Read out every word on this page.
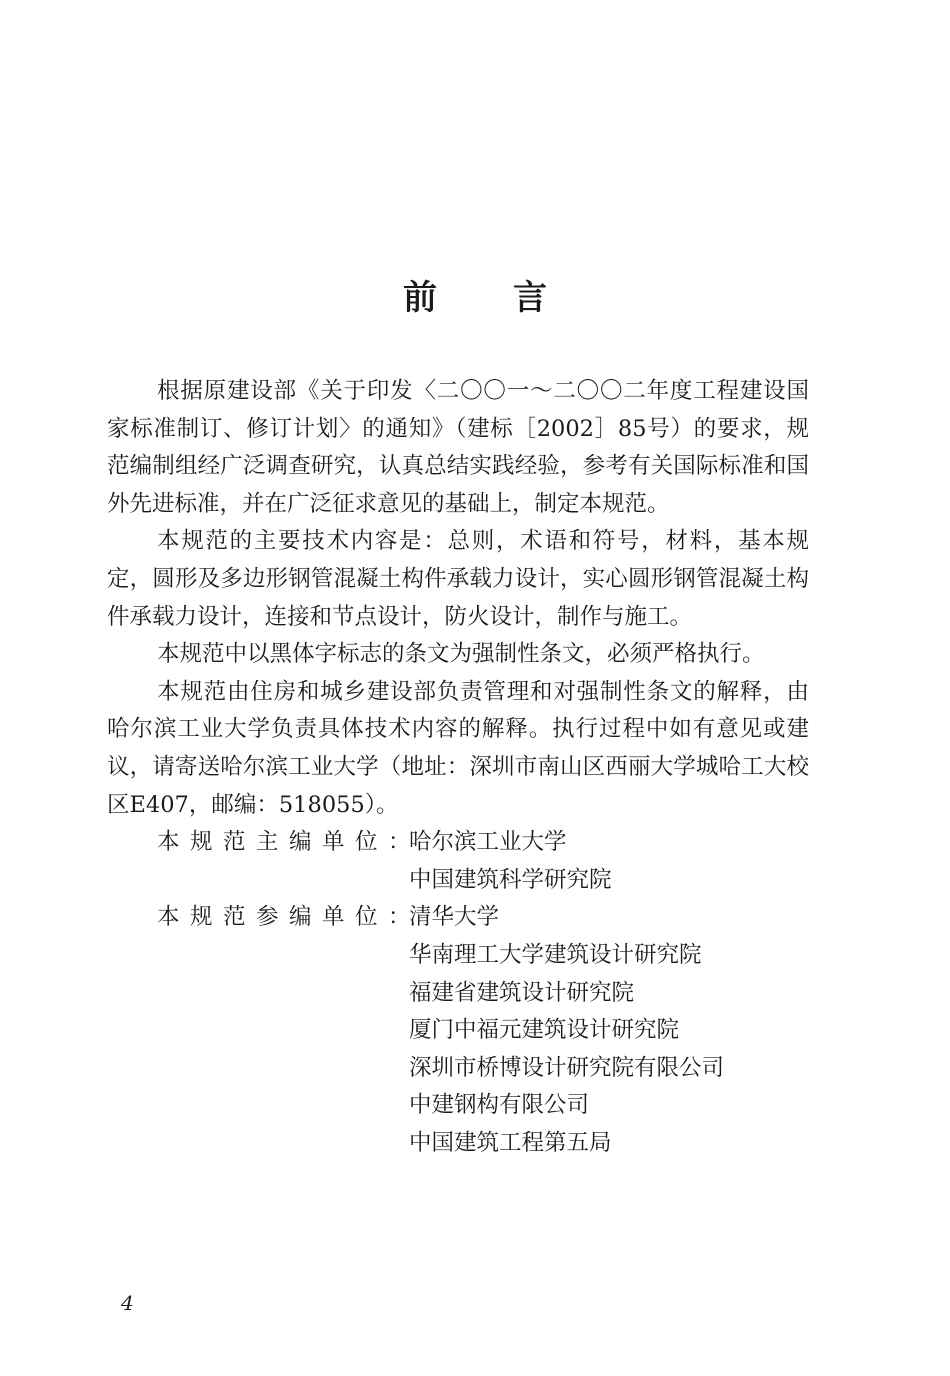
前 言

根据原建设部《关于印发〈二〇〇一～二〇〇二年度工程建设国家标准制订、修订计划〉的通知》（建标［2002］85号）的要求，规范编制组经广泛调查研究，认真总结实践经验，参考有关国际标准和国外先进标准，并在广泛征求意见的基础上，制定本规范。

本规范的主要技术内容是：总则，术语和符号，材料，基本规定，圆形及多边形钢管混凝土构件承载力设计，实心圆形钢管混凝土构件承载力设计，连接和节点设计，防火设计，制作与施工。

本规范中以黑体字标志的条文为强制性条文，必须严格执行。

本规范由住房和城乡建设部负责管理和对强制性条文的解释，由哈尔滨工业大学负责具体技术内容的解释。执行过程中如有意见或建议，请寄送哈尔滨工业大学（地址：深圳市南山区西丽大学城哈工大校区E407，邮编：518055）。

本规范主编单位：
哈尔滨工业大学
中国建筑科学研究院
本规范参编单位：
清华大学
华南理工大学建筑设计研究院
福建省建筑设计研究院
厦门中福元建筑设计研究院
深圳市桥博设计研究院有限公司
中建钢构有限公司
中国建筑工程第五局
4
